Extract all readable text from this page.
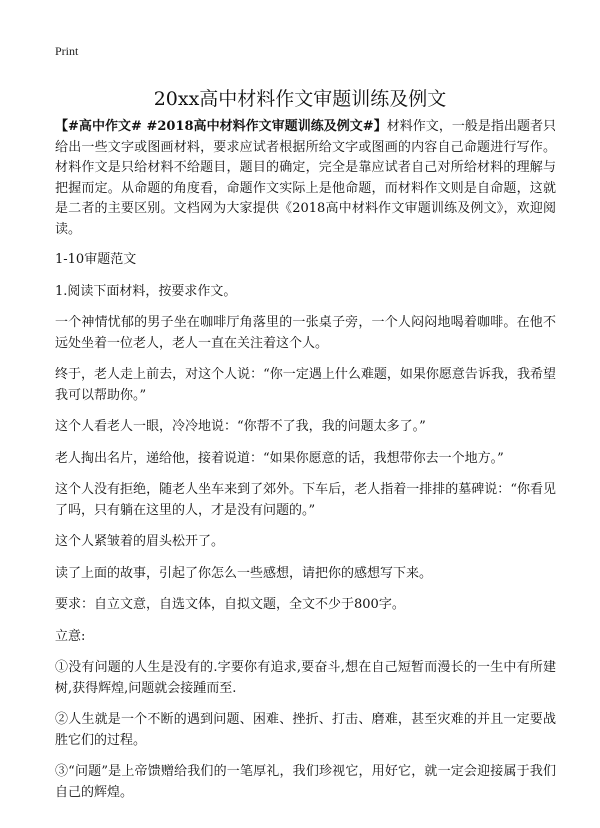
Print
20xx高中材料作文审题训练及例文

【#高中作文# #2018高中材料作文审题训练及例文#】材料作文，一般是指出题者只给出一些文字或图画材料，要求应试者根据所给文字或图画的内容自己命题进行写作。材料作文是只给材料不给题目，题目的确定，完全是靠应试者自己对所给材料的理解与把握而定。从命题的角度看，命题作文实际上是他命题，而材料作文则是自命题，这就是二者的主要区别。文档网为大家提供《2018高中材料作文审题训练及例文》，欢迎阅读。

1-10审题范文

1.阅读下面材料，按要求作文。

一个神情忧郁的男子坐在咖啡厅角落里的一张桌子旁，一个人闷闷地喝着咖啡。在他不远处坐着一位老人，老人一直在关注着这个人。

终于，老人走上前去，对这个人说：“你一定遇上什么难题，如果你愿意告诉我，我希望我可以帮助你。”

这个人看老人一眼，冷冷地说：“你帮不了我，我的问题太多了。”

老人掏出名片，递给他，接着说道：“如果你愿意的话，我想带你去一个地方。”

这个人没有拒绝，随老人坐车来到了郊外。下车后，老人指着一排排的墓碑说：“你看见了吗，只有躺在这里的人，才是没有问题的。”

这个人紧皱着的眉头松开了。

读了上面的故事，引起了你怎么一些感想，请把你的感想写下来。

要求：自立文意，自选文体，自拟文题，全文不少于800字。

立意:

①没有问题的人生是没有的.字要你有追求,要奋斗,想在自己短暂而漫长的一生中有所建树,获得辉煌,问题就会接踵而至.

②人生就是一个不断的遇到问题、困难、挫折、打击、磨难，甚至灾难的并且一定要战胜它们的过程。

③“问题”是上帝馈赠给我们的一笔厚礼，我们珍视它，用好它，就一定会迎接属于我们自己的辉煌。
